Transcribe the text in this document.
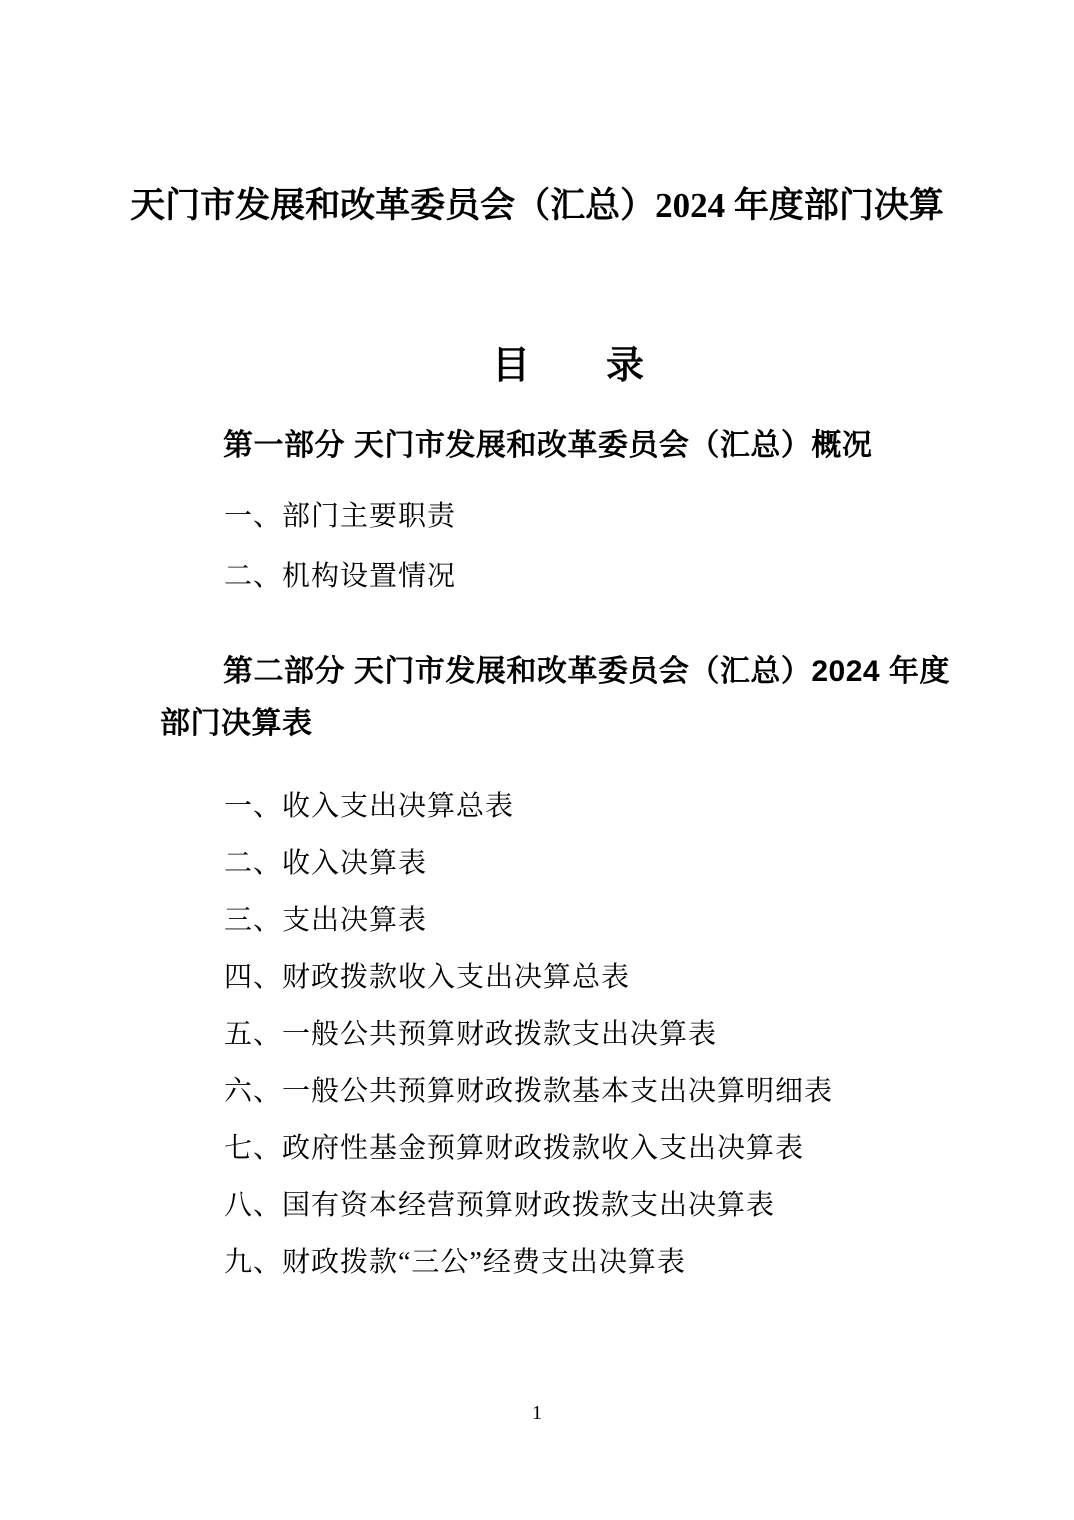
天门市发展和改革委员会（汇总）2024 年度部门决算
目　　录
第一部分 天门市发展和改革委员会（汇总）概况
一、部门主要职责
二、机构设置情况
第二部分 天门市发展和改革委员会（汇总）2024 年度
部门决算表
一、收入支出决算总表
二、收入决算表
三、支出决算表
四、财政拨款收入支出决算总表
五、一般公共预算财政拨款支出决算表
六、一般公共预算财政拨款基本支出决算明细表
七、政府性基金预算财政拨款收入支出决算表
八、国有资本经营预算财政拨款支出决算表
九、财政拨款“三公”经费支出决算表
1
